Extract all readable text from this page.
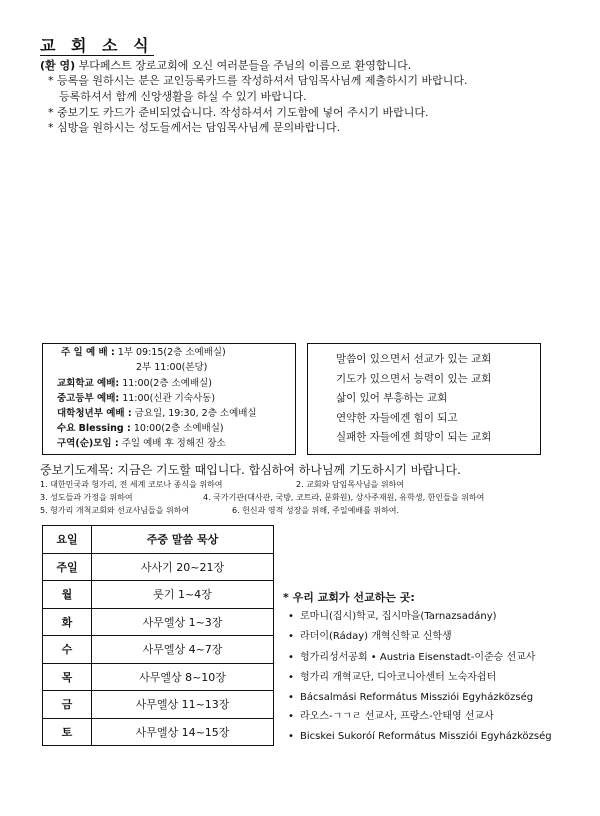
교 회 소 식
(환 영) 부다페스트 장로교회에 오신 여러분들을 주님의 이름으로 환영합니다.
* 등록을 원하시는 분은 교인등록카드를 작성하셔서 담임목사님께 제출하시기 바랍니다.
등록하셔서 함께 신앙생활을 하실 수 있기 바랍니다.
* 중보기도 카드가 준비되었습니다. 작성하셔서 기도함에 넣어 주시기 바랍니다.
* 심방을 원하시는 성도들께서는 담임목사님께 문의바랍니다.
주 일 예 배 : 1부 09:15(2층 소예배실)
2부 11:00(본당)
교회학교 예배: 11:00(2층 소예배실)
중고등부 예배: 11:00(신관 기숙사동)
대학청년부 예배 : 금요일, 19:30, 2층 소예배실
수요 Blessing : 10:00(2층 소예배실)
구역(순)모임 : 주일 예배 후 정해진 장소
말씀이 있으면서 선교가 있는 교회
기도가 있으면서 능력이 있는 교회
삶이 있어 부흥하는 교회
연약한 자들에겐 힘이 되고
실패한 자들에겐 희망이 되는 교회
중보기도제목: 지금은 기도할 때입니다. 합심하여 하나님께 기도하시기 바랍니다.
1. 대한민국과 헝가리, 전 세계 코로나 종식을 위하여	2. 교회와 담임목사님을 위하여
3. 성도들과 가정을 위하여	4. 국가기관(대사관, 국방, 코트라, 문화원), 상사주재원, 유학생, 한인들을 위하여
5. 헝가리 개척교회와 선교사님들을 위하여	6. 헌신과 영적 성장을 위해, 주일예배를 위하여.
요일	주중 말씀 묵상
주일	사사기 20~21장
월	룻기 1~4장
화	사무엘상 1~3장
수	사무엘상 4~7장
목	사무엘상 8~10장
금	사무엘상 11~13장
토	사무엘상 14~15장
* 우리 교회가 선교하는 곳:
• 로마니(집시)학교, 집시마을(Tarnazsadány)
• 라더이(Ráday) 개혁신학교 신학생
• 헝가리성서공회 • Austria Eisenstadt-이준승 선교사
• 헝가리 개혁교단, 디아코니아센터 노숙자쉼터
• Bácsalmási Református Missziói Egyházközség
• 라오스-ㄱㄱㄹ 선교사, 프랑스-안태영 선교사
• Bicskei Sukoróí Református Missziói Egyházközség
